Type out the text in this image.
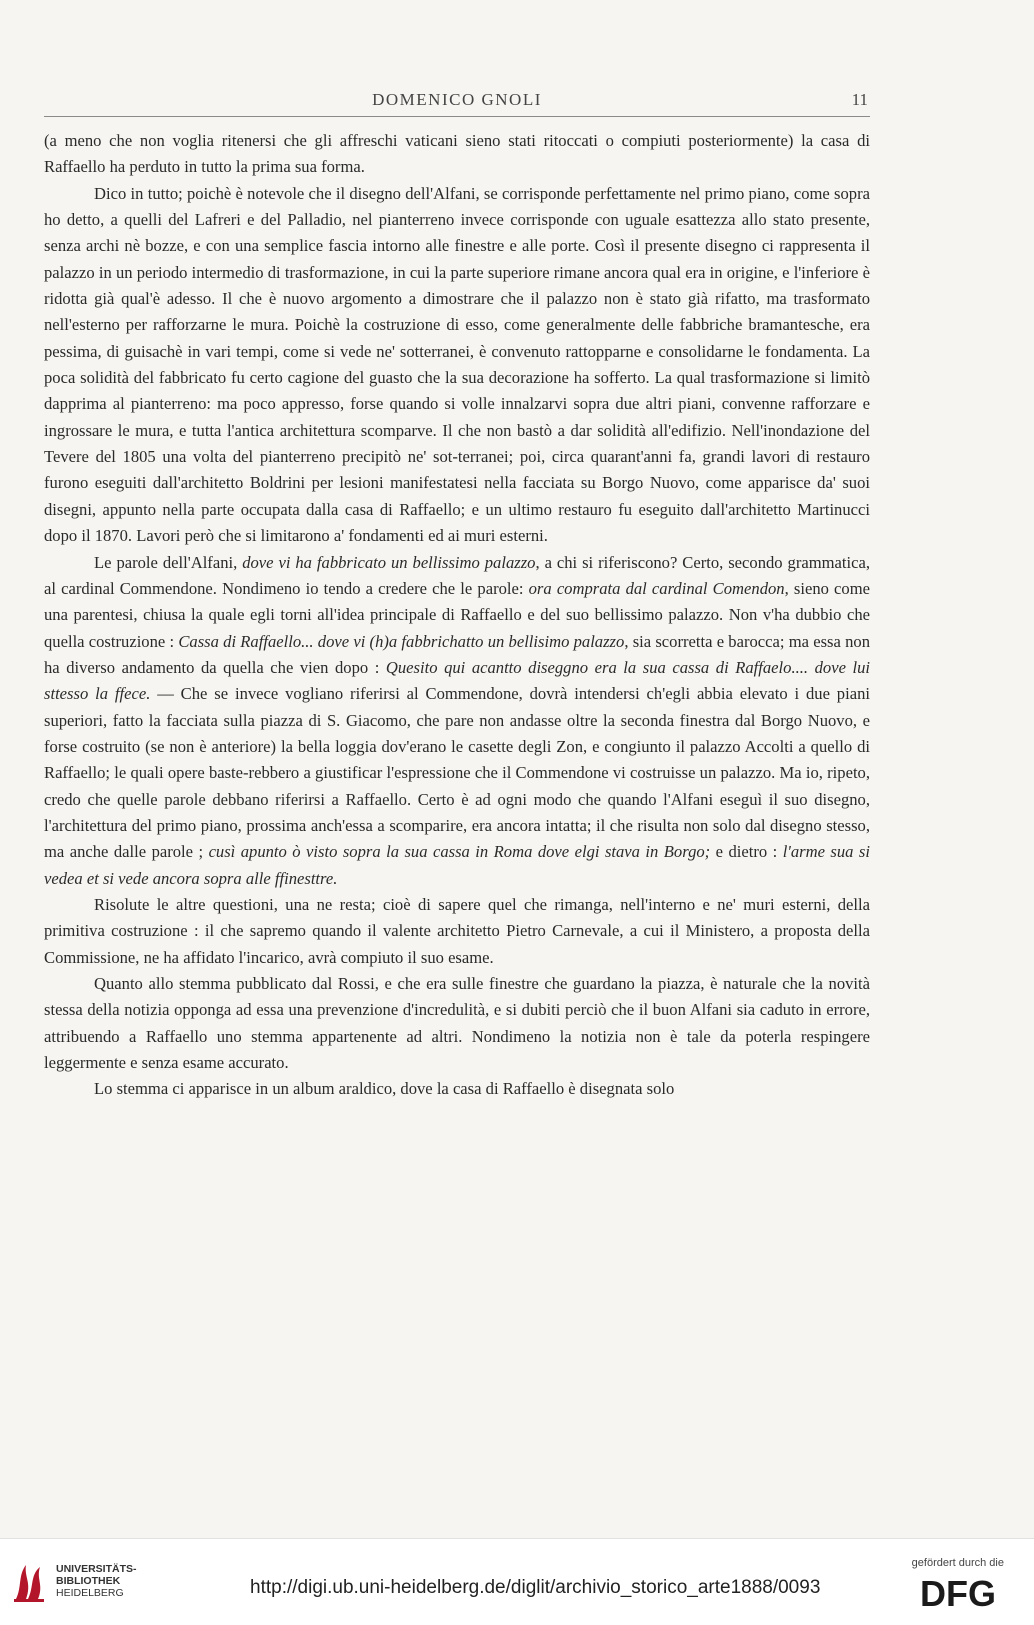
DOMENICO GNOLI	11

(a meno che non voglia ritenersi che gli affreschi vaticani sieno stati ritoccati o compiuti posteriormente) la casa di Raffaello ha perduto in tutto la prima sua forma.

Dico in tutto; poichè è notevole che il disegno dell'Alfani, se corrisponde perfettamente nel primo piano, come sopra ho detto, a quelli del Lafreri e del Palladio, nel pianterreno invece corrisponde con uguale esattezza allo stato presente, senza archi nè bozze, e con una semplice fascia intorno alle finestre e alle porte. Così il presente disegno ci rappresenta il palazzo in un periodo intermedio di trasformazione, in cui la parte superiore rimane ancora qual era in origine, e l'inferiore è ridotta già qual'è adesso. Il che è nuovo argomento a dimostrare che il palazzo non è stato già rifatto, ma trasformato nell'esterno per rafforzarne le mura. Poichè la costruzione di esso, come generalmente delle fabbriche bramantesche, era pessima, di guisachè in vari tempi, come si vede ne' sotterranei, è convenuto rattopparne e consolidarne le fondamenta. La poca solidità del fabbricato fu certo cagione del guasto che la sua decorazione ha sofferto. La qual trasformazione si limitò dapprima al pianterreno: ma poco appresso, forse quando si volle innalzarvi sopra due altri piani, convenne rafforzare e ingrossare le mura, e tutta l'antica architettura scomparve. Il che non bastò a dar solidità all'edifizio. Nell'inondazione del Tevere del 1805 una volta del pianterreno precipitò ne' sot-terranei; poi, circa quarant'anni fa, grandi lavori di restauro furono eseguiti dall'architetto Boldrini per lesioni manifestatesi nella facciata su Borgo Nuovo, come apparisce da' suoi disegni, appunto nella parte occupata dalla casa di Raffaello; e un ultimo restauro fu eseguito dall'architetto Martinucci dopo il 1870. Lavori però che si limitarono a' fondamenti ed ai muri esterni.

Le parole dell'Alfani, dove vi ha fabbricato un bellissimo palazzo, a chi si riferiscono? Certo, secondo grammatica, al cardinal Commendone. Nondimeno io tendo a credere che le parole: ora comprata dal cardinal Comendon, sieno come una parentesi, chiusa la quale egli torni all'idea principale di Raffaello e del suo bellissimo palazzo. Non v'ha dubbio che quella costruzione : Cassa di Raffaello... dove vi (h)a fabbrichatto un bellisimo palazzo, sia scorretta e barocca; ma essa non ha diverso andamento da quella che vien dopo : Quesito qui acantto diseggno era la sua cassa di Raffaelo.... dove lui sttesso la ffece. — Che se invece vogliano riferirsi al Commendone, dovrà intendersi ch'egli abbia elevato i due piani superiori, fatto la facciata sulla piazza di S. Giacomo, che pare non andasse oltre la seconda finestra dal Borgo Nuovo, e forse costruito (se non è anteriore) la bella loggia dov'erano le casette degli Zon, e congiunto il palazzo Accolti a quello di Raffaello; le quali opere baste-rebbero a giustificar l'espressione che il Commendone vi costruisse un palazzo. Ma io, ripeto, credo che quelle parole debbano riferirsi a Raffaello. Certo è ad ogni modo che quando l'Alfani eseguì il suo disegno, l'architettura del primo piano, prossima anch'essa a scomparire, era ancora intatta; il che risulta non solo dal disegno stesso, ma anche dalle parole ; cusì apunto ò visto sopra la sua cassa in Roma dove elgi stava in Borgo; e dietro : l'arme sua si vedea et si vede ancora sopra alle ffinesttre.

Risolute le altre questioni, una ne resta; cioè di sapere quel che rimanga, nell'interno e ne' muri esterni, della primitiva costruzione : il che sapremo quando il valente architetto Pietro Carnevale, a cui il Ministero, a proposta della Commissione, ne ha affidato l'incarico, avrà compiuto il suo esame.

Quanto allo stemma pubblicato dal Rossi, e che era sulle finestre che guardano la piazza, è naturale che la novità stessa della notizia opponga ad essa una prevenzione d'incredulità, e si dubiti perciò che il buon Alfani sia caduto in errore, attribuendo a Raffaello uno stemma appartenente ad altri. Nondimeno la notizia non è tale da poterla respingere leggermente e senza esame accurato.

Lo stemma ci apparisce in un album araldico, dove la casa di Raffaello è disegnata solo

UNIVERSITÄTS-
BIBLIOTHEK
HEIDELBERG	http://digi.ub.uni-heidelberg.de/diglit/archivio_storico_arte1888/0093
gefördert durch die
DFG
